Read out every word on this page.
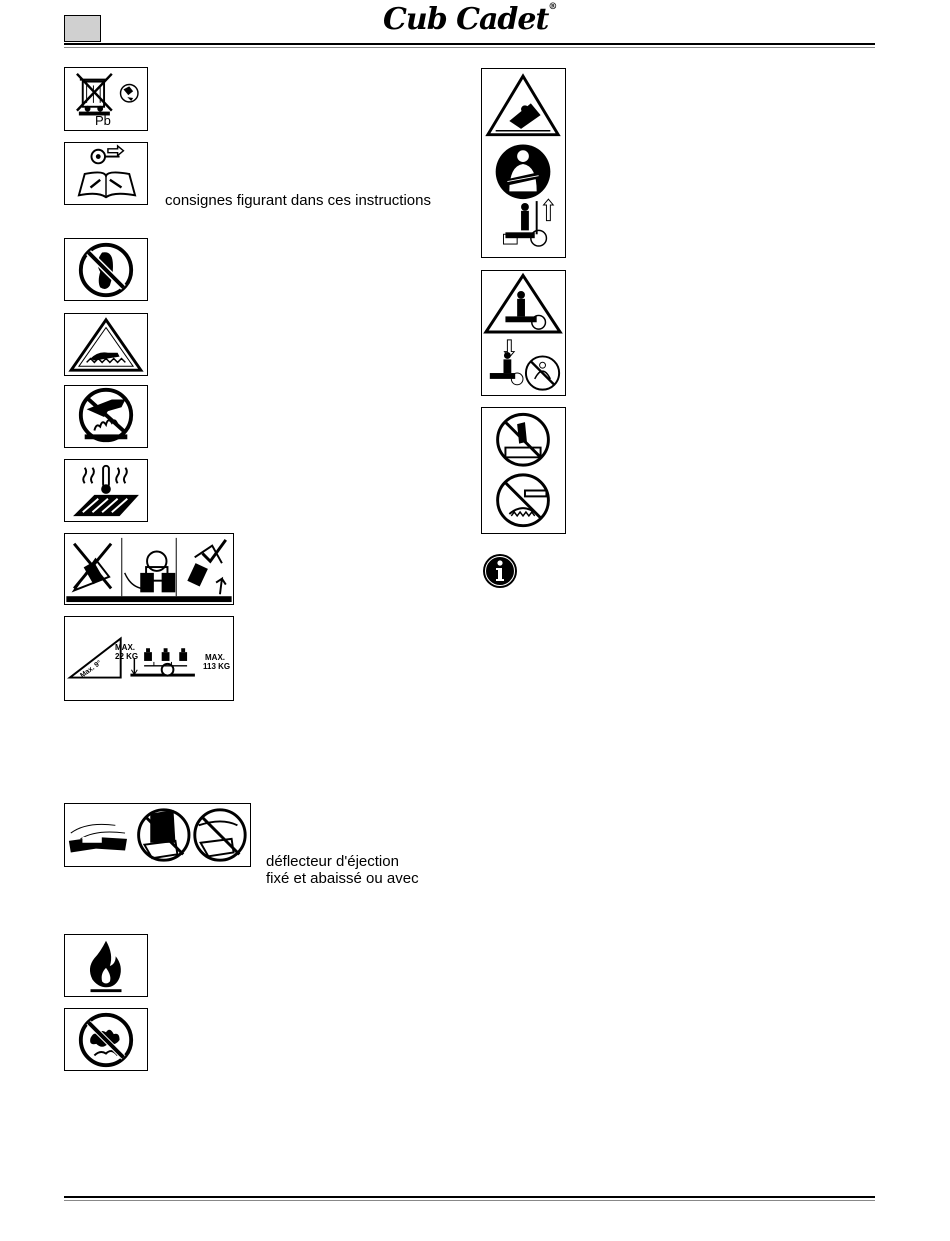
Cub Cadet®
Pb
consignes figurant dans ces instructions
Max. 9°
MAX.
22 KG	MAX.
113 KG
déflecteur d'éjection
fixé et abaissé ou avec
